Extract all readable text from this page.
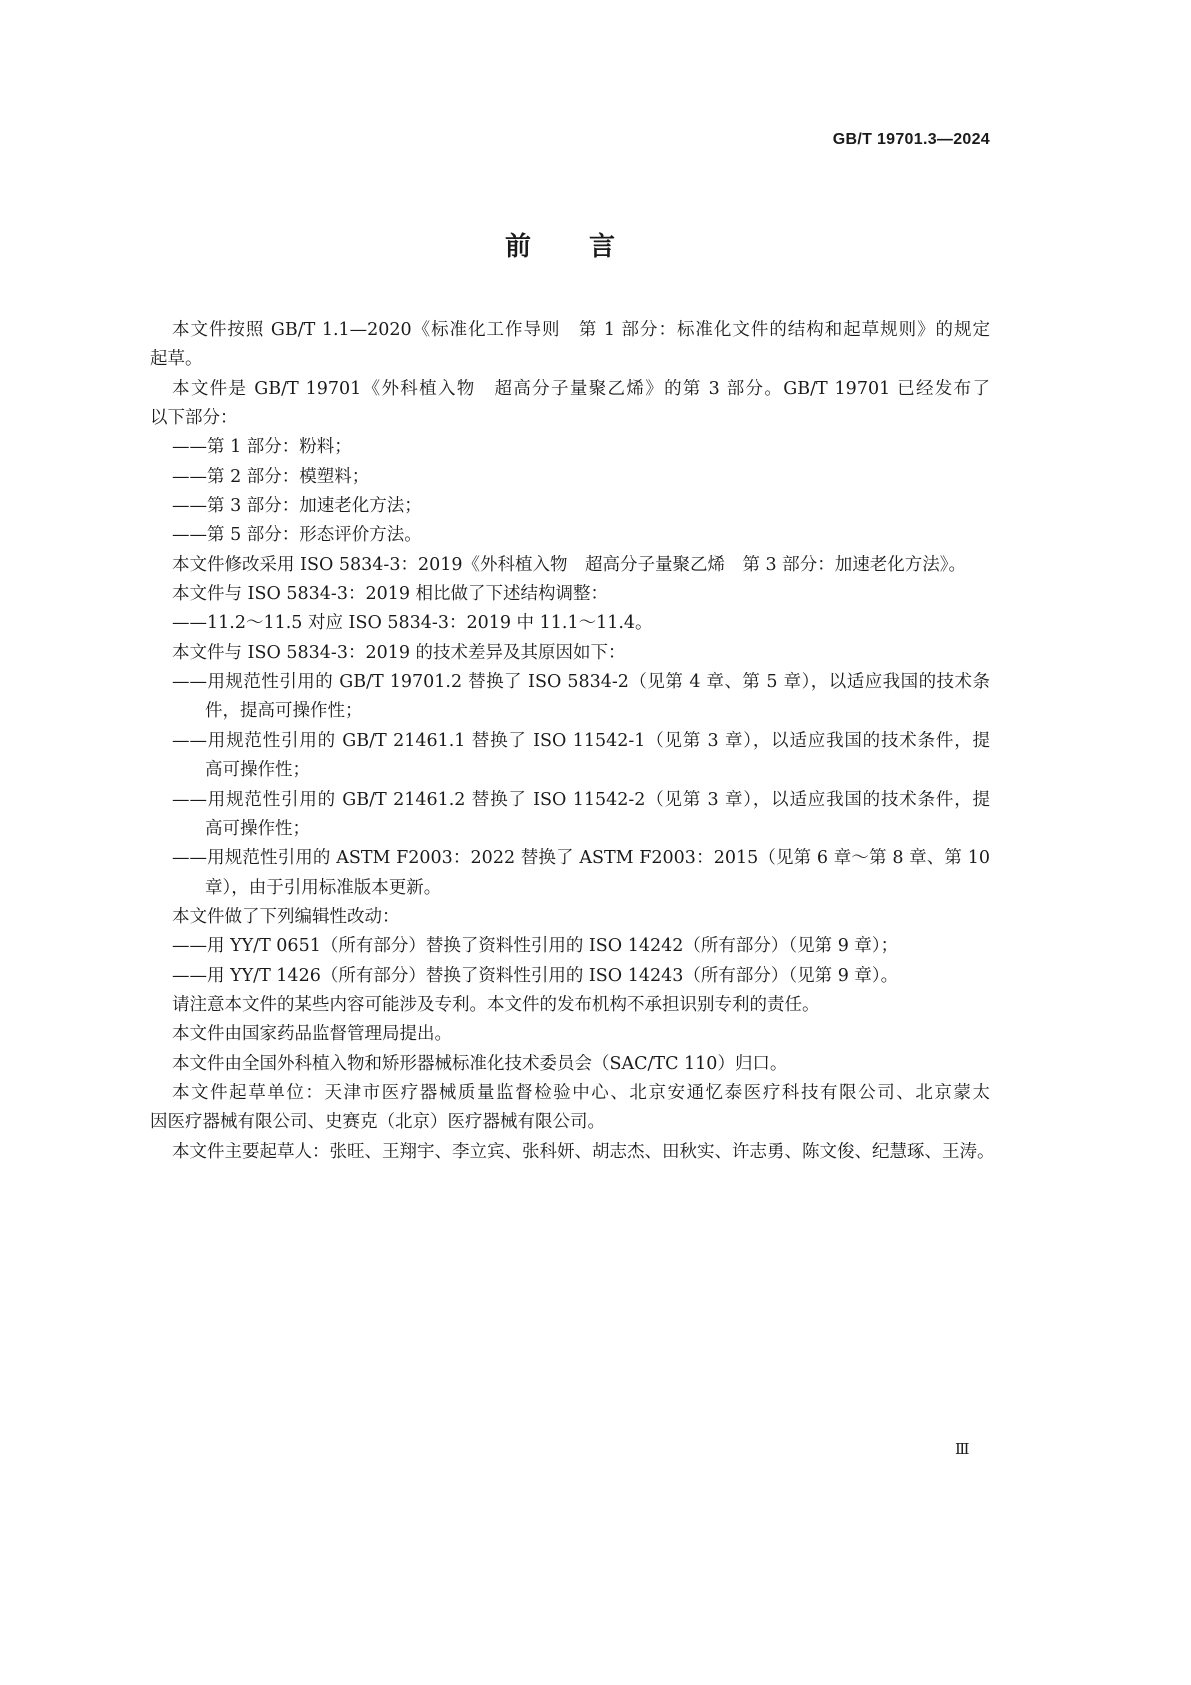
GB/T 19701.3—2024
前　　言
本文件按照 GB/T 1.1—2020《标准化工作导则　第 1 部分：标准化文件的结构和起草规则》的规定
起草。
本文件是 GB/T 19701《外科植入物　超高分子量聚乙烯》的第 3 部分。GB/T 19701 已经发布了
以下部分：
——第 1 部分：粉料；
——第 2 部分：模塑料；
——第 3 部分：加速老化方法；
——第 5 部分：形态评价方法。
本文件修改采用 ISO 5834-3：2019《外科植入物　超高分子量聚乙烯　第 3 部分：加速老化方法》。
本文件与 ISO 5834-3：2019 相比做了下述结构调整：
——11.2～11.5 对应 ISO 5834-3：2019 中 11.1～11.4。
本文件与 ISO 5834-3：2019 的技术差异及其原因如下：
——用规范性引用的 GB/T 19701.2 替换了 ISO 5834-2（见第 4 章、第 5 章），以适应我国的技术条
件，提高可操作性；
——用规范性引用的 GB/T 21461.1 替换了 ISO 11542-1（见第 3 章），以适应我国的技术条件，提
高可操作性；
——用规范性引用的 GB/T 21461.2 替换了 ISO 11542-2（见第 3 章），以适应我国的技术条件，提
高可操作性；
——用规范性引用的 ASTM F2003：2022 替换了 ASTM F2003：2015（见第 6 章～第 8 章、第 10
章），由于引用标准版本更新。
本文件做了下列编辑性改动：
——用 YY/T 0651（所有部分）替换了资料性引用的 ISO 14242（所有部分）（见第 9 章）；
——用 YY/T 1426（所有部分）替换了资料性引用的 ISO 14243（所有部分）（见第 9 章）。
请注意本文件的某些内容可能涉及专利。本文件的发布机构不承担识别专利的责任。
本文件由国家药品监督管理局提出。
本文件由全国外科植入物和矫形器械标准化技术委员会（SAC/TC 110）归口。
本文件起草单位：天津市医疗器械质量监督检验中心、北京安通忆泰医疗科技有限公司、北京蒙太
因医疗器械有限公司、史赛克（北京）医疗器械有限公司。
本文件主要起草人：张旺、王翔宇、李立宾、张科妍、胡志杰、田秋实、许志勇、陈文俊、纪慧琢、王涛。
Ⅲ
